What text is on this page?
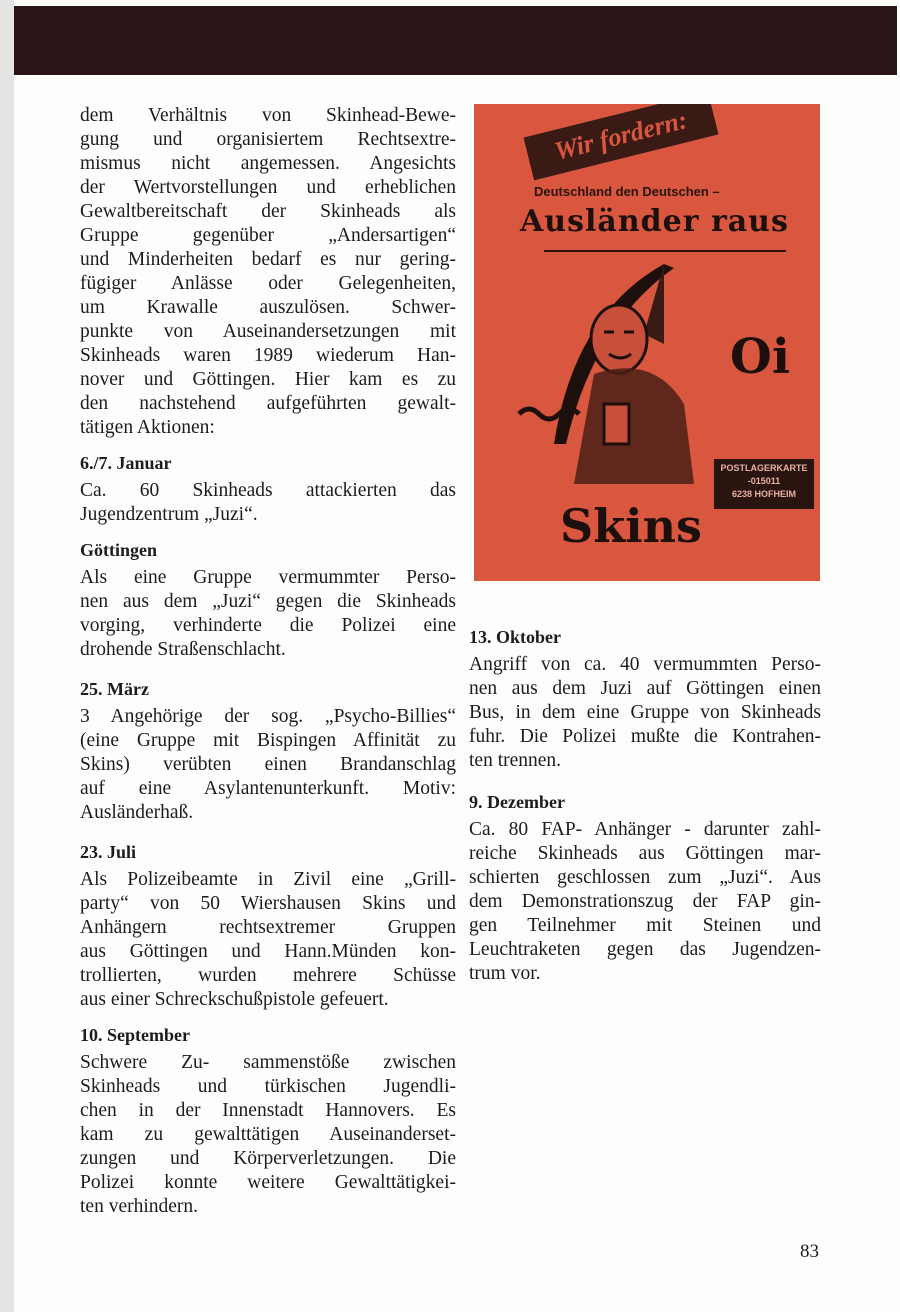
dem Verhältnis von Skinhead-Bewe-
gung und organisiertem Rechtsextre-
mismus nicht angemessen. Angesichts
der Wertvorstellungen und erheblichen
Gewaltbereitschaft der Skinheads als
Gruppe gegenüber „Andersartigen“
und Minderheiten bedarf es nur gering-
fügiger Anlässe oder Gelegenheiten,
um Krawalle auszulösen. Schwer-
punkte von Auseinandersetzungen mit
Skinheads waren 1989 wiederum Han-
nover und Göttingen. Hier kam es zu
den nachstehend aufgeführten gewalt-
tätigen Aktionen:
6./7. Januar
Ca. 60 Skinheads attackierten das
Jugendzentrum „Juzi“.
Göttingen
Als eine Gruppe vermummter Perso-
nen aus dem „Juzi“ gegen die Skinheads
vorging, verhinderte die Polizei eine
drohende Straßenschlacht.
25. März
3 Angehörige der sog. „Psycho-Billies“
(eine Gruppe mit Bispingen Affinität zu
Skins) verübten einen Brandanschlag
auf eine Asylantenunterkunft. Motiv:
Ausländerhaß.
23. Juli
Als Polizeibeamte in Zivil eine „Grill-
party“ von 50 Wiershausen Skins und
Anhängern rechtsextremer Gruppen
aus Göttingen und Hann.Münden kon-
trollierten, wurden mehrere Schüsse
aus einer Schreckschußpistole gefeuert.
10. September
Schwere Zu- sammenstöße zwischen
Skinheads und türkischen Jugendli-
chen in der Innenstadt Hannovers. Es
kam zu gewalttätigen Auseinanderset-
zungen und Körperverletzungen. Die
Polizei konnte weitere Gewalttätigkei-
ten verhindern.
13. Oktober
Angriff von ca. 40 vermummten Perso-
nen aus dem Juzi auf Göttingen einen
Bus, in dem eine Gruppe von Skinheads
fuhr. Die Polizei mußte die Kontrahen-
ten trennen.
9. Dezember
Ca. 80 FAP- Anhänger - darunter zahl-
reiche Skinheads aus Göttingen mar-
schierten geschlossen zum „Juzi“. Aus
dem Demonstrationszug der FAP gin-
gen Teilnehmer mit Steinen und
Leuchtraketen gegen das Jugendzen-
trum vor.
Wir fordern:
Deutschland den Deutschen –
Ausländer raus
Oi
POSTLAGERKARTE
-015011
6238 HOFHEIM
Skins
83
